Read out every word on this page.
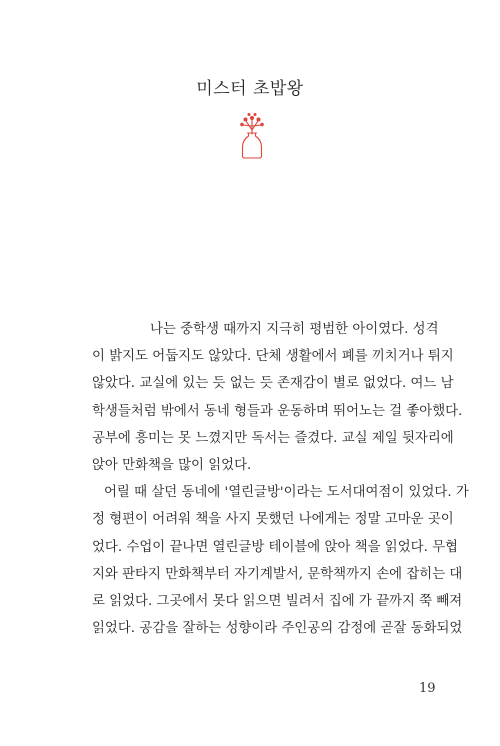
미스터 초밥왕
나는 중학생 때까지 지극히 평범한 아이였다. 성격
이 밝지도 어둡지도 않았다. 단체 생활에서 폐를 끼치거나 튀지
않았다. 교실에 있는 듯 없는 듯 존재감이 별로 없었다. 여느 남
학생들처럼 밖에서 동네 형들과 운동하며 뛰어노는 걸 좋아했다.
공부에 흥미는 못 느꼈지만 독서는 즐겼다. 교실 제일 뒷자리에
앉아 만화책을 많이 읽었다.
어릴 때 살던 동네에 '열린글방'이라는 도서대여점이 있었다. 가
정 형편이 어려워 책을 사지 못했던 나에게는 정말 고마운 곳이
었다. 수업이 끝나면 열린글방 테이블에 앉아 책을 읽었다. 무협
지와 판타지 만화책부터 자기계발서, 문학책까지 손에 잡히는 대
로 읽었다. 그곳에서 못다 읽으면 빌려서 집에 가 끝까지 쭉 빼져
읽었다. 공감을 잘하는 성향이라 주인공의 감정에 곧잘 동화되었
19
